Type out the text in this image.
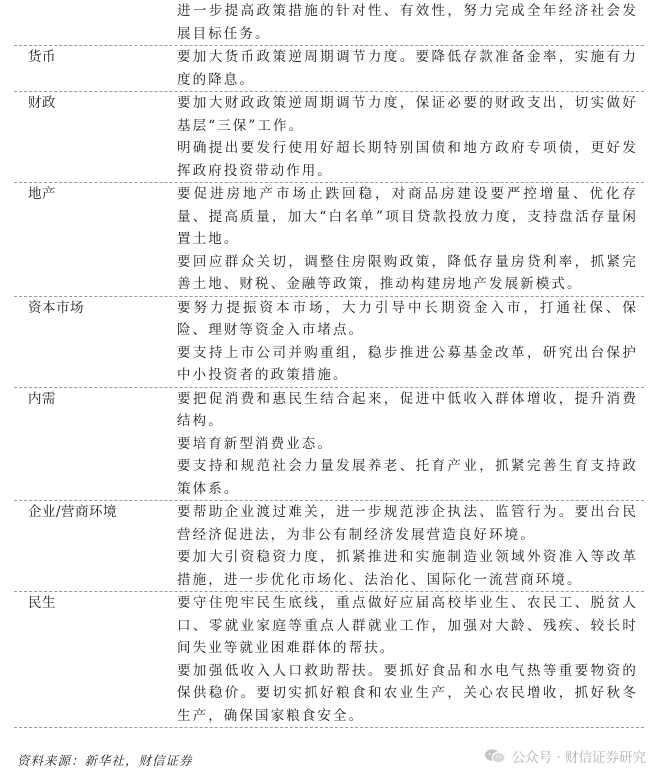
进一步提高政策措施的针对性、有效性，努力完成全年经济社会发展目标任务。
货币	要加大货币政策逆周期调节力度。要降低存款准备金率，实施有力度的降息。
财政	要加大财政政策逆周期调节力度，保证必要的财政支出，切实做好基层“三保”工作。
明确提出要发行使用好超长期特别国债和地方政府专项债，更好发挥政府投资带动作用。
地产	要促进房地产市场止跌回稳，对商品房建设要严控增量、优化存量、提高质量，加大“白名单”项目贷款投放力度，支持盘活存量闲置土地。
要回应群众关切，调整住房限购政策，降低存量房贷利率，抓紧完善土地、财税、金融等政策，推动构建房地产发展新模式。
资本市场	要努力提振资本市场，大力引导中长期资金入市，打通社保、保险、理财等资金入市堵点。
要支持上市公司并购重组，稳步推进公募基金改革，研究出台保护中小投资者的政策措施。
内需	要把促消费和惠民生结合起来，促进中低收入群体增收，提升消费结构。
要培育新型消费业态。
要支持和规范社会力量发展养老、托育产业，抓紧完善生育支持政策体系。
企业/营商环境	要帮助企业渡过难关，进一步规范涉企执法、监管行为。要出台民营经济促进法，为非公有制经济发展营造良好环境。
要加大引资稳资力度，抓紧推进和实施制造业领域外资准入等改革措施，进一步优化市场化、法治化、国际化一流营商环境。
民生	要守住兜牢民生底线，重点做好应届高校毕业生、农民工、脱贫人口、零就业家庭等重点人群就业工作，加强对大龄、残疾、较长时间失业等就业困难群体的帮扶。
要加强低收入人口救助帮扶。要抓好食品和水电气热等重要物资的保供稳价。要切实抓好粮食和农业生产，关心农民增收，抓好秋冬生产，确保国家粮食安全。
资料来源：新华社，财信证券	公众号 · 财信证券研究
